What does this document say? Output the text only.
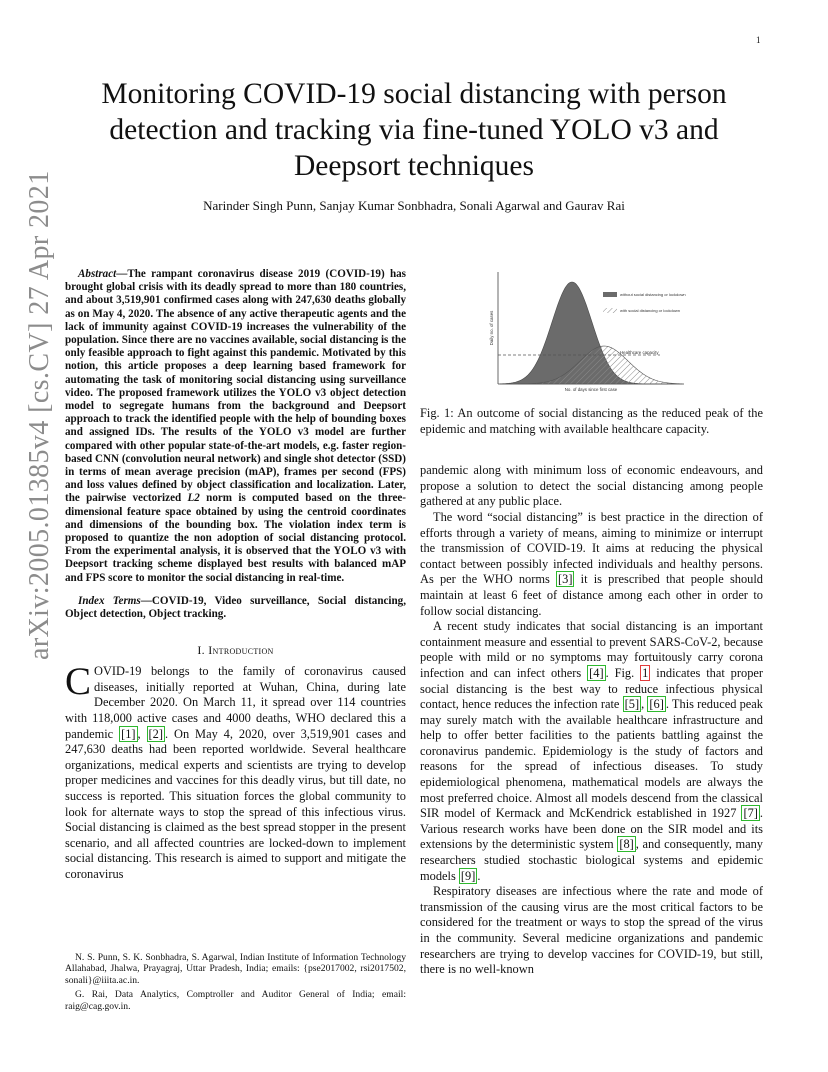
1
arXiv:2005.01385v4 [cs.CV] 27 Apr 2021
Monitoring COVID-19 social distancing with person detection and tracking via fine-tuned YOLO v3 and Deepsort techniques
Narinder Singh Punn, Sanjay Kumar Sonbhadra, Sonali Agarwal and Gaurav Rai

Abstract—The rampant coronavirus disease 2019 (COVID-19) has brought global crisis with its deadly spread to more than 180 countries, and about 3,519,901 confirmed cases along with 247,630 deaths globally as on May 4, 2020. The absence of any active therapeutic agents and the lack of immunity against COVID-19 increases the vulnerability of the population. Since there are no vaccines available, social distancing is the only feasible approach to fight against this pandemic. Motivated by this notion, this article proposes a deep learning based framework for automating the task of monitoring social distancing using surveillance video. The proposed framework utilizes the YOLO v3 object detection model to segregate humans from the background and Deepsort approach to track the identified people with the help of bounding boxes and assigned IDs. The results of the YOLO v3 model are further compared with other popular state-of-the-art models, e.g. faster region-based CNN (convolution neural network) and single shot detector (SSD) in terms of mean average precision (mAP), frames per second (FPS) and loss values defined by object classification and localization. Later, the pairwise vectorized L2 norm is computed based on the three-dimensional feature space obtained by using the centroid coordinates and dimensions of the bounding box. The violation index term is proposed to quantize the non adoption of social distancing protocol. From the experimental analysis, it is observed that the YOLO v3 with Deepsort tracking scheme displayed best results with balanced mAP and FPS score to monitor the social distancing in real-time.

Index Terms—COVID-19, Video surveillance, Social distancing, Object detection, Object tracking.

I. Introduction

COVID-19 belongs to the family of coronavirus caused diseases, initially reported at Wuhan, China, during late December 2020. On March 11, it spread over 114 countries with 118,000 active cases and 4000 deaths, WHO declared this a pandemic [1] , [2] . On May 4, 2020, over 3,519,901 cases and 247,630 deaths had been reported worldwide. Several healthcare organizations, medical experts and scientists are trying to develop proper medicines and vaccines for this deadly virus, but till date, no success is reported. This situation forces the global community to look for alternate ways to stop the spread of this infectious virus. Social distancing is claimed as the best spread stopper in the present scenario, and all affected countries are locked-down to implement social distancing. This research is aimed to support and mitigate the coronavirus

N. S. Punn, S. K. Sonbhadra, S. Agarwal, Indian Institute of Information Technology Allahabad, Jhalwa, Prayagraj, Uttar Pradesh, India; emails: {pse2017002, rsi2017502, sonali}@iiita.ac.in.

G. Rai, Data Analytics, Comptroller and Auditor General of India; email: raig@cag.gov.in.

Healthcare capacity
without social distancing or lockdown
with social distancing or lockdown
No. of days since first case
Daily no. of cases

Fig. 1: An outcome of social distancing as the reduced peak of the epidemic and matching with available healthcare capacity.

pandemic along with minimum loss of economic endeavours, and propose a solution to detect the social distancing among people gathered at any public place.

The word “social distancing” is best practice in the direction of efforts through a variety of means, aiming to minimize or interrupt the transmission of COVID-19. It aims at reducing the physical contact between possibly infected individuals and healthy persons. As per the WHO norms [3] it is prescribed that people should maintain at least 6 feet of distance among each other in order to follow social distancing.

A recent study indicates that social distancing is an important containment measure and essential to prevent SARS-CoV-2, because people with mild or no symptoms may fortuitously carry corona infection and can infect others [4] . Fig. 1 indicates that proper social distancing is the best way to reduce infectious physical contact, hence reduces the infection rate [5] , [6] . This reduced peak may surely match with the available healthcare infrastructure and help to offer better facilities to the patients battling against the coronavirus pandemic. Epidemiology is the study of factors and reasons for the spread of infectious diseases. To study epidemiological phenomena, mathematical models are always the most preferred choice. Almost all models descend from the classical SIR model of Kermack and McKendrick established in 1927 [7] . Various research works have been done on the SIR model and its extensions by the deterministic system [8] , and consequently, many researchers studied stochastic biological systems and epidemic models [9] .

Respiratory diseases are infectious where the rate and mode of transmission of the causing virus are the most critical factors to be considered for the treatment or ways to stop the spread of the virus in the community. Several medicine organizations and pandemic researchers are trying to develop vaccines for COVID-19, but still, there is no well-known
